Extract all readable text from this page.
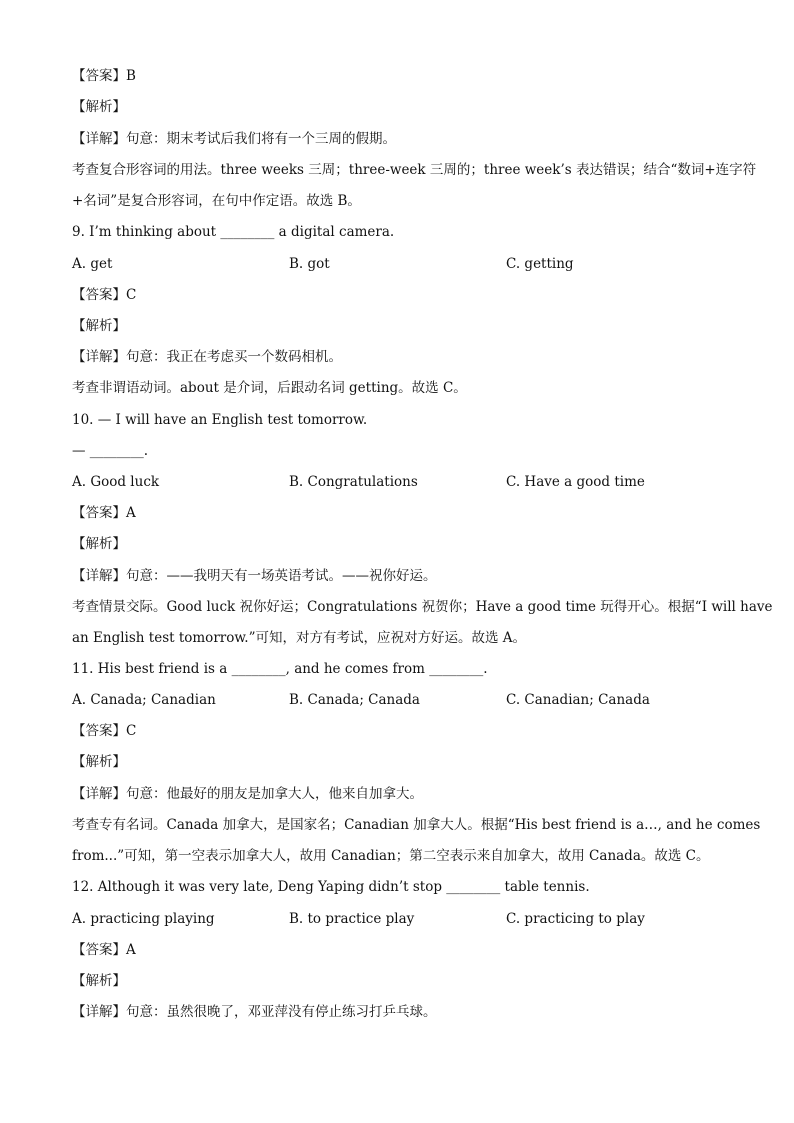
【答案】B
【解析】
【详解】句意：期末考试后我们将有一个三周的假期。
考查复合形容词的用法。three weeks 三周；three-week 三周的；three week’s 表达错误；结合“数词+连字符
+名词”是复合形容词，在句中作定语。故选 B。
9. I’m thinking about ________ a digital camera.
A. get	B. got	C. getting
【答案】C
【解析】
【详解】句意：我正在考虑买一个数码相机。
考查非谓语动词。about 是介词，后跟动名词 getting。故选 C。
10. — I will have an English test tomorrow.
— ________.
A. Good luck	B. Congratulations	C. Have a good time
【答案】A
【解析】
【详解】句意：——我明天有一场英语考试。——祝你好运。
考查情景交际。Good luck 祝你好运；Congratulations 祝贺你；Have a good time 玩得开心。根据“I will have
an English test tomorrow.”可知，对方有考试，应祝对方好运。故选 A。
11. His best friend is a ________, and he comes from ________.
A. Canada; Canadian	B. Canada; Canada	C. Canadian; Canada
【答案】C
【解析】
【详解】句意：他最好的朋友是加拿大人，他来自加拿大。
考查专有名词。Canada 加拿大，是国家名；Canadian 加拿大人。根据“His best friend is a…, and he comes
from...”可知，第一空表示加拿大人，故用 Canadian；第二空表示来自加拿大，故用 Canada。故选 C。
12. Although it was very late, Deng Yaping didn’t stop ________ table tennis.
A. practicing playing	B. to practice play	C. practicing to play
【答案】A
【解析】
【详解】句意：虽然很晚了，邓亚萍没有停止练习打乒乓球。
